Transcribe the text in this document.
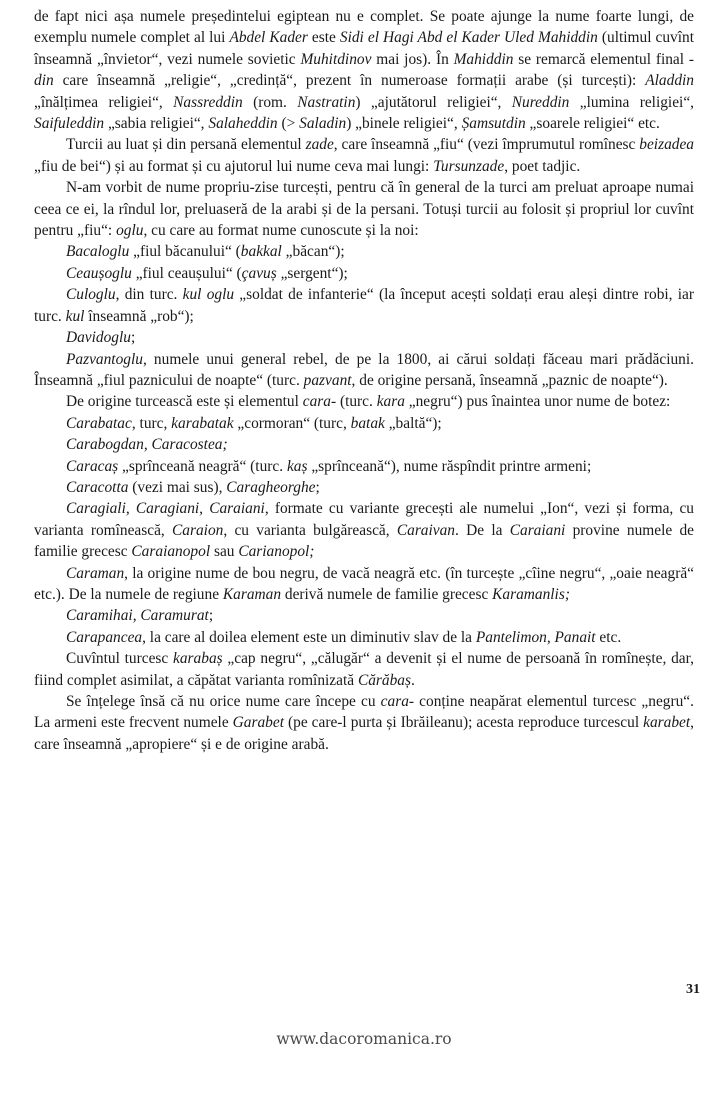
de fapt nici așa numele președintelui egiptean nu e complet. Se poate ajunge la nume foarte lungi, de exemplu numele complet al lui Abdel Kader este Sidi el Hagi Abd el Kader Uled Mahiddin (ultimul cuvînt înseamnă „învietor“, vezi numele sovietic Muhitdinov mai jos). În Mahiddin se remarcă elementul final -din care înseamnă „religie“, „credință“, prezent în numeroase formații arabe (și turcești): Aladdin „înălțimea religiei“, Nassreddin (rom. Nastratin) „ajutătorul religiei“, Nureddin „lumina religiei“, Saifuleddin „sabia religiei“, Salaheddin (> Saladin) „binele religiei“, Șamsutdin „soarele religiei“ etc.

Turcii au luat și din persană elementul zade, care înseamnă „fiu“ (vezi împrumutul romînesc beizadea „fiu de bei“) și au format și cu ajutorul lui nume ceva mai lungi: Tursunzade, poet tadjic.

N-am vorbit de nume propriu-zise turcești, pentru că în general de la turci am preluat aproape numai ceea ce ei, la rîndul lor, preluaseră de la arabi și de la persani. Totuși turcii au folosit și propriul lor cuvînt pentru „fiu“: oglu, cu care au format nume cunoscute și la noi:

Bacaloglu „fiul băcanului“ (bakkal „băcan“);

Ceaușoglu „fiul ceaușului“ (çavuș „sergent“);

Culoglu, din turc. kul oglu „soldat de infanterie“ (la început acești soldați erau aleși dintre robi, iar turc. kul înseamnă „rob“);

Davidoglu;

Pazvantoglu, numele unui general rebel, de pe la 1800, ai cărui soldați făceau mari prădăciuni. Înseamnă „fiul paznicului de noapte“ (turc. pazvant, de origine persană, înseamnă „paznic de noapte“).

De origine turcească este și elementul cara- (turc. kara „negru“) pus înaintea unor nume de botez:

Carabatac, turc, karabatak „cormoran“ (turc, batak „baltă“);

Carabogdan, Caracostea;

Caracaș „sprînceană neagră“ (turc. kaș „sprînceană“), nume răspîndit printre armeni;

Caracotta (vezi mai sus), Caragheorghe;

Caragiali, Caragiani, Caraiani, formate cu variante grecești ale numelui „Ion“, vezi și forma, cu varianta romînească, Caraion, cu varianta bulgărească, Caraivan. De la Caraiani provine numele de familie grecesc Caraianopol sau Carianopol;

Caraman, la origine nume de bou negru, de vacă neagră etc. (în turcește „cîine negru“, „oaie neagră“ etc.). De la numele de regiune Karaman derivă numele de familie grecesc Karamanlis;

Caramihai, Caramurat;

Carapancea, la care al doilea element este un diminutiv slav de la Pantelimon, Panait etc.

Cuvîntul turcesc karabaș „cap negru“, „călugăr“ a devenit și el nume de persoană în romînește, dar, fiind complet asimilat, a căpătat varianta romînizată Cărăbaș.

Se înțelege însă că nu orice nume care începe cu cara- conține neapărat elementul turcesc „negru“. La armeni este frecvent numele Garabet (pe care-l purta și Ibrăileanu); acesta reproduce turcescul karabet, care înseamnă „apropiere“ și e de origine arabă.

31
www.dacoromanica.ro
